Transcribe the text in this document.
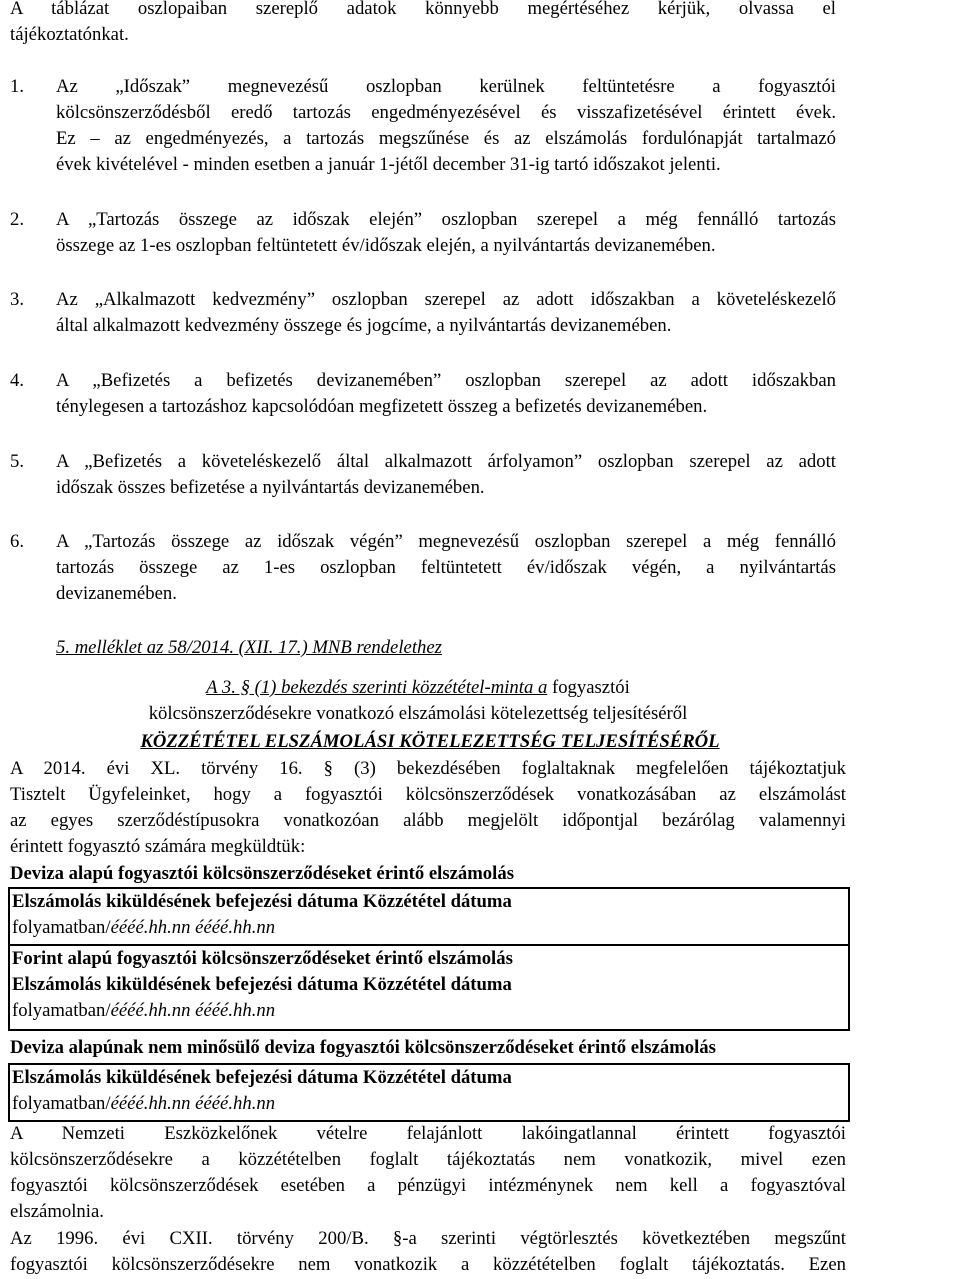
A táblázat oszlopaiban szereplő adatok könnyebb megértéséhez kérjük, olvassa el

tájékoztatónkat.

1. Az „Időszak” megnevezésű oszlopban kerülnek feltüntetésre a fogyasztói

kölcsönszerződésből eredő tartozás engedményezésével és visszafizetésével érintett évek.

Ez – az engedményezés, a tartozás megszűnése és az elszámolás fordulónapját tartalmazó

évek kivételével - minden esetben a január 1-jétől december 31-ig tartó időszakot jelenti.

2. A „Tartozás összege az időszak elején” oszlopban szerepel a még fennálló tartozás

összege az 1-es oszlopban feltüntetett év/időszak elején, a nyilvántartás devizanemében.

3. Az „Alkalmazott kedvezmény” oszlopban szerepel az adott időszakban a követeléskezelő

által alkalmazott kedvezmény összege és jogcíme, a nyilvántartás devizanemében.

4. A „Befizetés a befizetés devizanemében” oszlopban szerepel az adott időszakban

ténylegesen a tartozáshoz kapcsolódóan megfizetett összeg a befizetés devizanemében.

5. A „Befizetés a követeléskezelő által alkalmazott árfolyamon” oszlopban szerepel az adott

időszak összes befizetése a nyilvántartás devizanemében.

6. A „Tartozás összege az időszak végén” megnevezésű oszlopban szerepel a még fennálló

tartozás összege az 1-es oszlopban feltüntetett év/időszak végén, a nyilvántartás

devizanemében.

5. melléklet az 58/2014. (XII. 17.) MNB rendelethez

A 3. § (1) bekezdés szerinti közzététel-minta a fogyasztói

kölcsönszerződésekre vonatkozó elszámolási kötelezettség teljesítéséről

KÖZZÉTÉTEL ELSZÁMOLÁSI KÖTELEZETTSÉG TELJESÍTÉSÉRŐL

A 2014. évi XL. törvény 16. § (3) bekezdésében foglaltaknak megfelelően tájékoztatjuk

Tisztelt Ügyfeleinket, hogy a fogyasztói kölcsönszerződések vonatkozásában az elszámolást

az egyes szerződéstípusokra vonatkozóan alább megjelölt időpontjal bezárólag valamennyi

érintett fogyasztó számára megküldtük:

Deviza alapú fogyasztói kölcsönszerződéseket érintő elszámolás

Elszámolás kiküldésének befejezési dátuma Közzététel dátuma

folyamatban/éééé.hh.nn éééé.hh.nn

Forint alapú fogyasztói kölcsönszerződéseket érintő elszámolás

Elszámolás kiküldésének befejezési dátuma Közzététel dátuma

folyamatban/éééé.hh.nn éééé.hh.nn

Deviza alapúnak nem minősülő deviza fogyasztói kölcsönszerződéseket érintő elszámolás

Elszámolás kiküldésének befejezési dátuma Közzététel dátuma

folyamatban/éééé.hh.nn éééé.hh.nn

A Nemzeti Eszközkelőnek vételre felajánlott lakóingatlannal érintett fogyasztói

kölcsönszerződésekre a közzétételben foglalt tájékoztatás nem vonatkozik, mivel ezen

fogyasztói kölcsönszerződések esetében a pénzügyi intézménynek nem kell a fogyasztóval

elszámolnia.

Az 1996. évi CXII. törvény 200/B. §-a szerinti végtörlesztés következtében megszűnt

fogyasztói kölcsönszerződésekre nem vonatkozik a közzétételben foglalt tájékoztatás. Ezen
